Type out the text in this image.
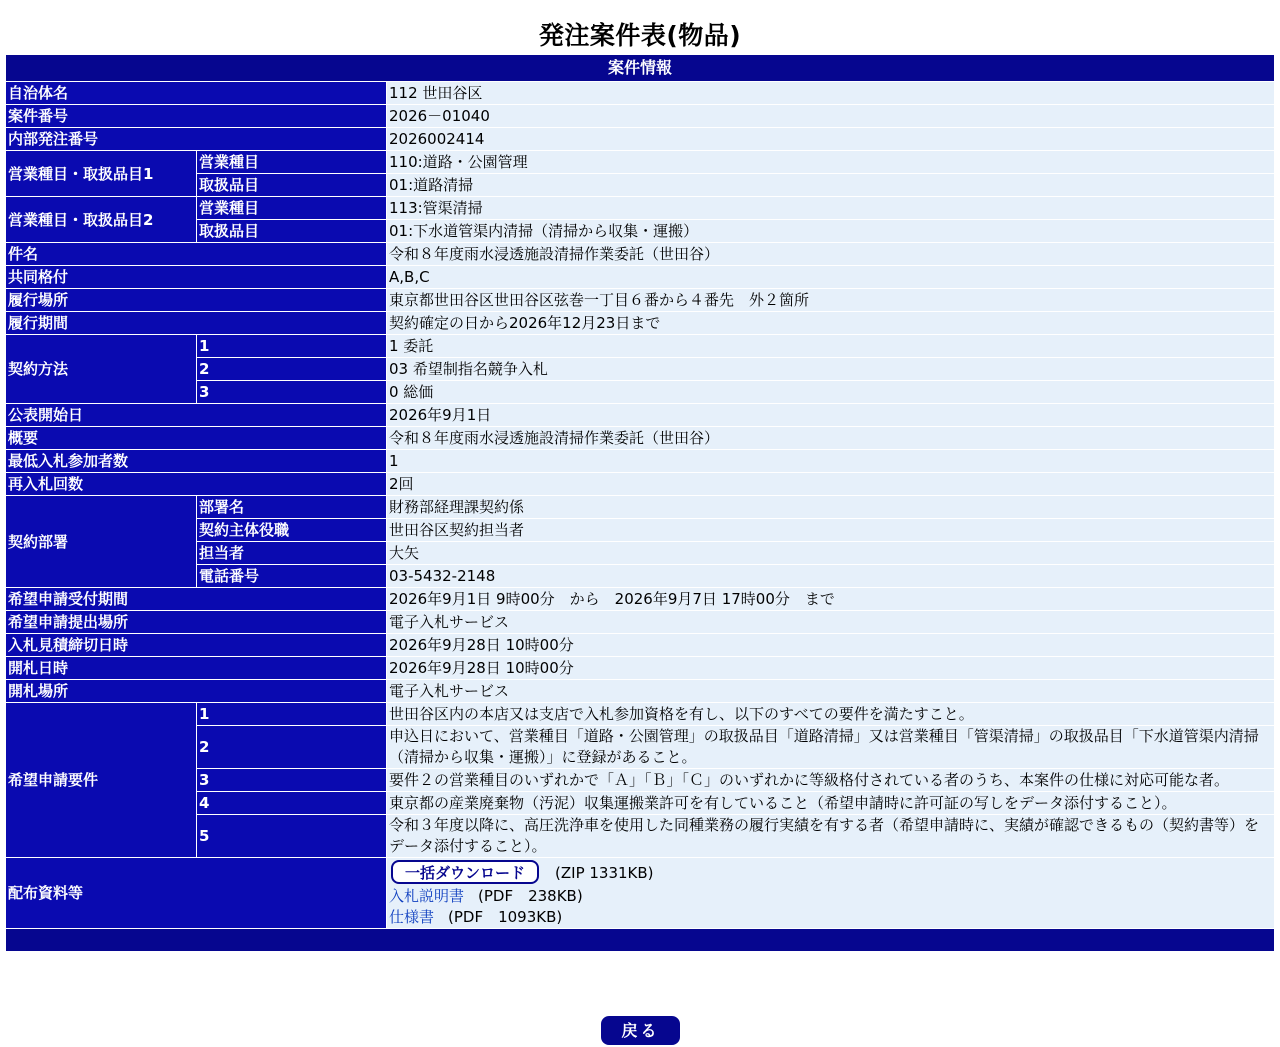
発注案件表(物品)
案件情報		
自治体名		112 世田谷区
案件番号		2026－01040
内部発注番号		2026002414
営業種目・取扱品目1	営業種目	110:道路・公園管理
	取扱品目	01:道路清掃
営業種目・取扱品目2	営業種目	113:管渠清掃
	取扱品目	01:下水道管渠内清掃（清掃から収集・運搬）
件名		令和８年度雨水浸透施設清掃作業委託（世田谷）
共同格付		A,B,C
履行場所		東京都世田谷区世田谷区弦巻一丁目６番から４番先　外２箇所
履行期間		契約確定の日から2026年12月23日まで
契約方法	1	1 委託
	2	03 希望制指名競争入札
	3	0 総価
公表開始日		2026年9月1日
概要		令和８年度雨水浸透施設清掃作業委託（世田谷）
最低入札参加者数		1
再入札回数		2回
契約部署	部署名	財務部経理課契約係
	契約主体役職	世田谷区契約担当者
	担当者	大矢
	電話番号	03-5432-2148
希望申請受付期間		2026年9月1日 9時00分　から　2026年9月7日 17時00分　まで
希望申請提出場所		電子入札サービス
入札見積締切日時		2026年9月28日 10時00分
開札日時		2026年9月28日 10時00分
開札場所		電子入札サービス
希望申請要件	1	世田谷区内の本店又は支店で入札参加資格を有し、以下のすべての要件を満たすこと。
	2	申込日において、営業種目「道路・公園管理」の取扱品目「道路清掃」又は営業種目「管渠清掃」の取扱品目「下水道管渠内清掃（清掃から収集・運搬）」に登録があること。
	3	要件２の営業種目のいずれかで「Ａ」「Ｂ」「Ｃ」のいずれかに等級格付されている者のうち、本案件の仕様に対応可能な者。
	4	東京都の産業廃棄物（汚泥）収集運搬業許可を有していること（希望申請時に許可証の写しをデータ添付すること）。
	5	令和３年度以降に、高圧洗浄車を使用した同種業務の履行実績を有する者（希望申請時に、実績が確認できるもの（契約書等）をデータ添付すること）。
配布資料等		一括ダウンロード (ZIP 1331KB)
入札説明書 (PDF　238KB)
仕様書 (PDF　1093KB)

戻る
